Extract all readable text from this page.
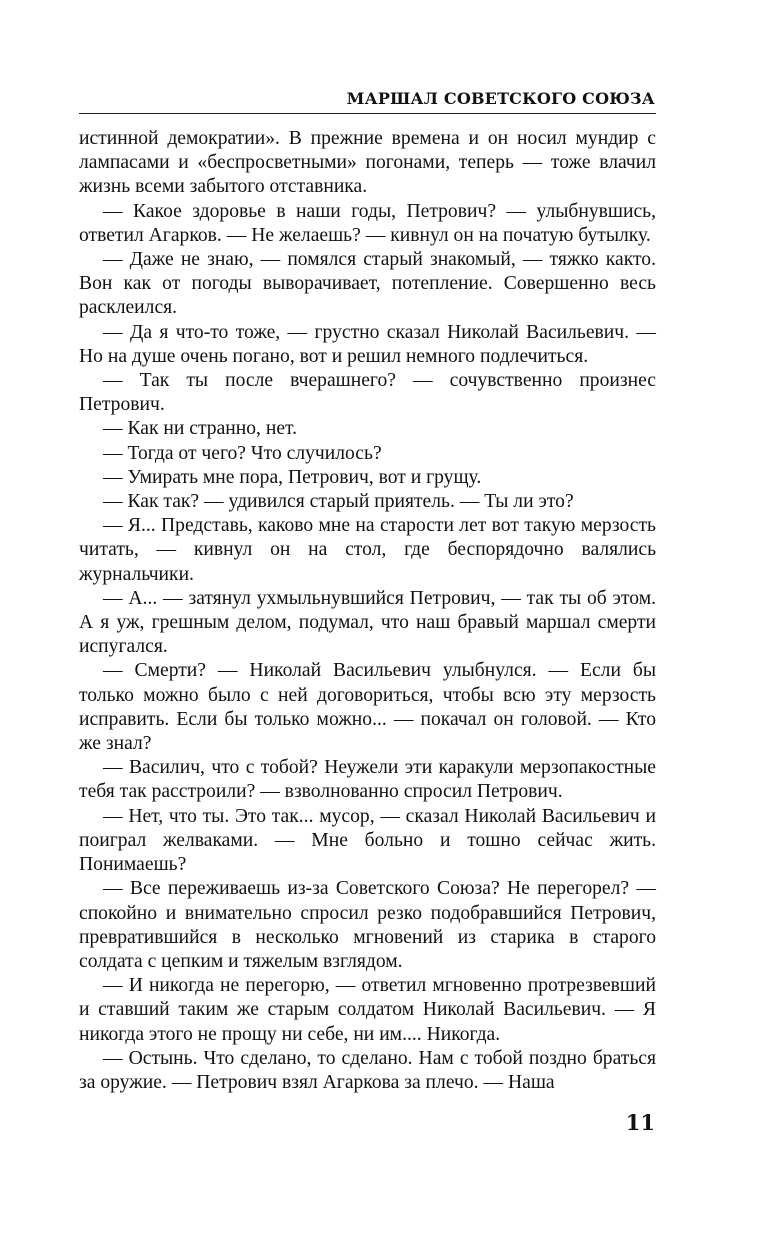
МАРШАЛ СОВЕТСКОГО СОЮЗА

истинной демократии». В прежние времена и он носил мундир с лампасами и «беспросветными» погонами, теперь — тоже влачил жизнь всеми забытого отставника.

— Какое здоровье в наши годы, Петрович? — улыбнувшись, ответил Агарков. — Не желаешь? — кивнул он на початую бутылку.

— Даже не знаю, — помялся старый знакомый, — тяжко както. Вон как от погоды выворачивает, потепление. Совершенно весь расклеился.

— Да я что-то тоже, — грустно сказал Николай Васильевич. — Но на душе очень погано, вот и решил немного подлечиться.

— Так ты после вчерашнего? — сочувственно произнес Петрович.

— Как ни странно, нет.

— Тогда от чего? Что случилось?

— Умирать мне пора, Петрович, вот и грущу.

— Как так? — удивился старый приятель. — Ты ли это?

— Я... Представь, каково мне на старости лет вот такую мерзость читать, — кивнул он на стол, где беспорядочно валялись журнальчики.

— А... — затянул ухмыльнувшийся Петрович, — так ты об этом. А я уж, грешным делом, подумал, что наш бравый маршал смерти испугался.

— Смерти? — Николай Васильевич улыбнулся. — Если бы только можно было с ней договориться, чтобы всю эту мерзость исправить. Если бы только можно... — покачал он головой. — Кто же знал?

— Василич, что с тобой? Неужели эти каракули мерзопакостные тебя так расстроили? — взволнованно спросил Петрович.

— Нет, что ты. Это так... мусор, — сказал Николай Васильевич и поиграл желваками. — Мне больно и тошно сейчас жить. Понимаешь?

— Все переживаешь из-за Советского Союза? Не перегорел? — спокойно и внимательно спросил резко подобравшийся Петрович, превратившийся в несколько мгновений из старика в старого солдата с цепким и тяжелым взглядом.

— И никогда не перегорю, — ответил мгновенно протрезвевший и ставший таким же старым солдатом Николай Васильевич. — Я никогда этого не прощу ни себе, ни им.... Никогда.

— Остынь. Что сделано, то сделано. Нам с тобой поздно браться за оружие. — Петрович взял Агаркова за плечо. — Наша

11
